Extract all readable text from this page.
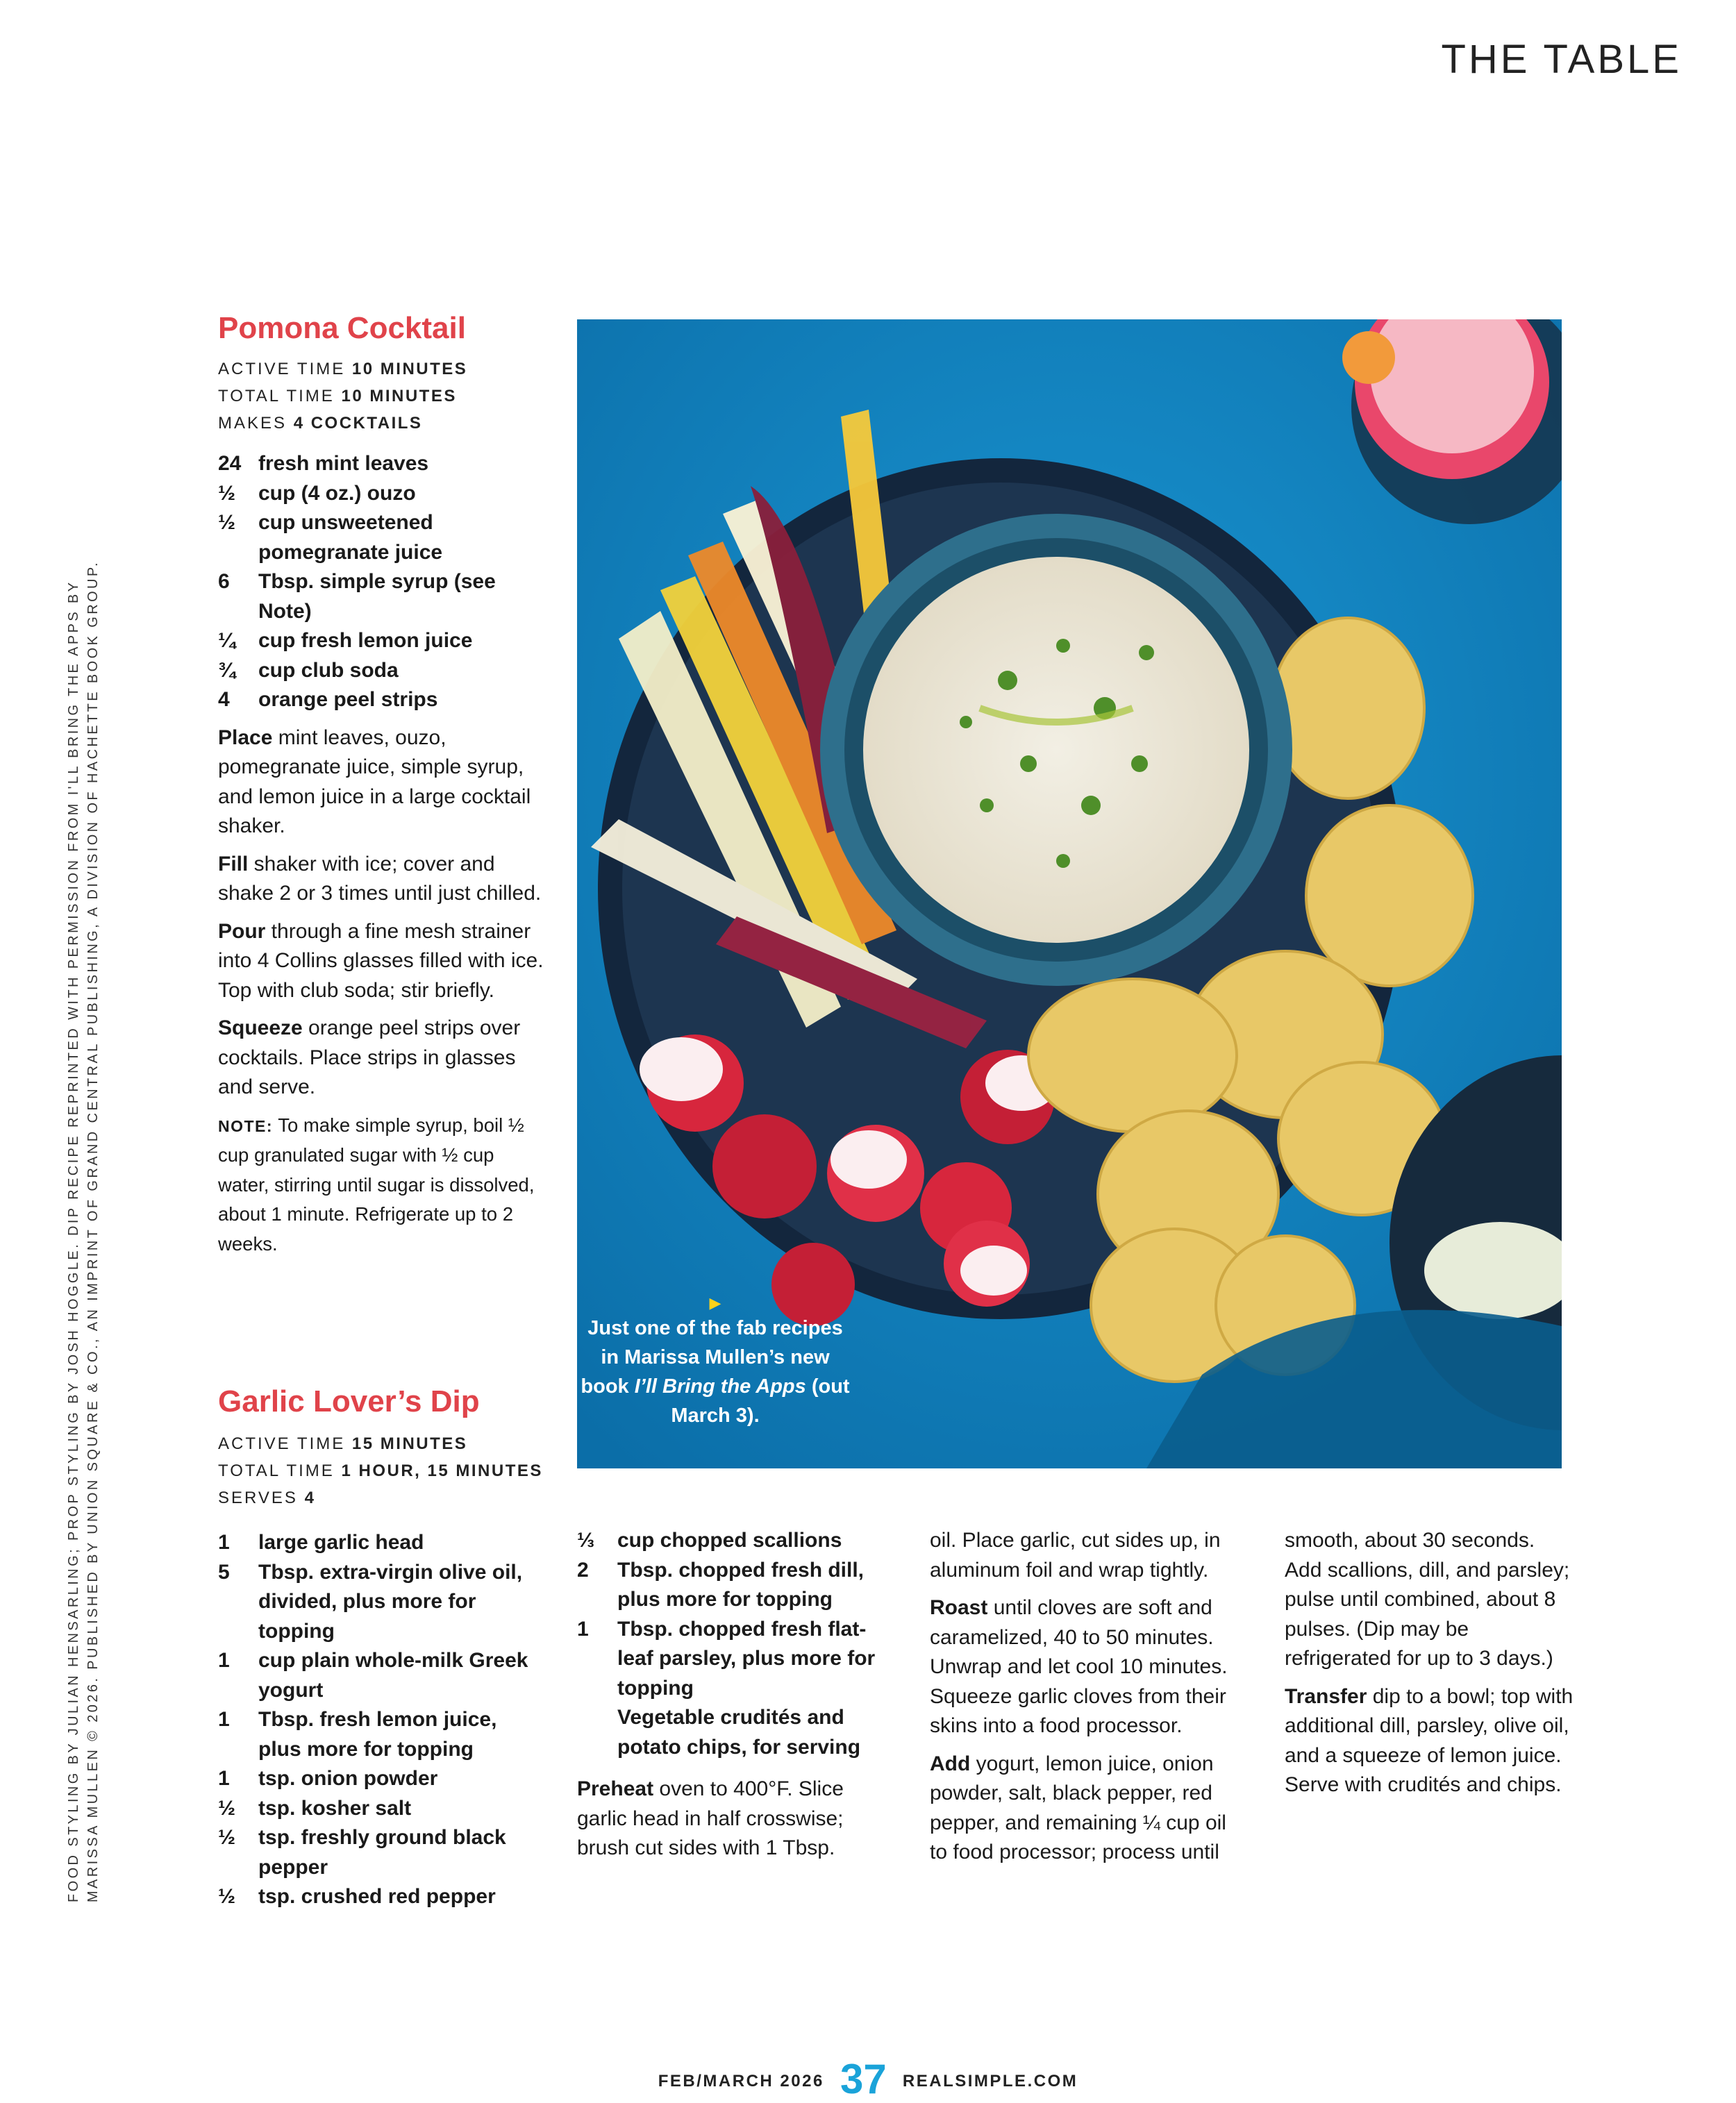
THE TABLE
FOOD STYLING BY JULIAN HENSARLING; PROP STYLING BY JOSH HOGGLE. DIP RECIPE REPRINTED WITH PERMISSION FROM I'LL BRING THE APPS BY MARISSA MULLEN © 2026. PUBLISHED BY UNION SQUARE & CO., AN IMPRINT OF GRAND CENTRAL PUBLISHING, A DIVISION OF HACHETTE BOOK GROUP.
Pomona Cocktail
ACTIVE TIME 10 MINUTES
TOTAL TIME 10 MINUTES
MAKES 4 COCKTAILS
24 fresh mint leaves
½	cup (4 oz.) ouzo
½	cup unsweetened pomegranate juice
6	Tbsp. simple syrup (see Note)
¼	cup fresh lemon juice
¾	cup club soda
4	orange peel strips

Place mint leaves, ouzo, pomegranate juice, simple syrup, and lemon juice in a large cocktail shaker.

Fill shaker with ice; cover and shake 2 or 3 times until just chilled.

Pour through a fine mesh strainer into 4 Collins glasses filled with ice. Top with club soda; stir briefly.

Squeeze orange peel strips over cocktails. Place strips in glasses and serve.

NOTE: To make simple syrup, boil ½ cup granulated sugar with ½ cup water, stirring until sugar is dissolved, about 1 minute. Refrigerate up to 2 weeks.

Garlic Lover’s Dip
ACTIVE TIME 15 MINUTES
TOTAL TIME 1 HOUR, 15 MINUTES
SERVES 4
1	large garlic head
5	Tbsp. extra-virgin olive oil, divided, plus more for topping
1	cup plain whole-milk Greek yogurt
1	Tbsp. fresh lemon juice, plus more for topping
1	tsp. onion powder
½	tsp. kosher salt
½	tsp. freshly ground black pepper
½	tsp. crushed red pepper
⅓	cup chopped scallions
2	Tbsp. chopped fresh dill, plus more for topping
1	Tbsp. chopped fresh flat-leaf parsley, plus more for topping
Vegetable crudités and potato chips, for serving

Preheat oven to 400°F. Slice garlic head in half crosswise; brush cut sides with 1 Tbsp.

oil. Place garlic, cut sides up, in aluminum foil and wrap tightly.

Roast until cloves are soft and caramelized, 40 to 50 minutes. Unwrap and let cool 10 minutes. Squeeze garlic cloves from their skins into a food processor.

Add yogurt, lemon juice, onion powder, salt, black pepper, red pepper, and remaining ¼ cup oil to food processor; process until

smooth, about 30 seconds. Add scallions, dill, and parsley; pulse until combined, about 8 pulses. (Dip may be refrigerated for up to 3 days.)

Transfer dip to a bowl; top with additional dill, parsley, olive oil, and a squeeze of lemon juice. Serve with crudités and chips.

▶
Just one of the fab recipes in Marissa Mullen’s new book I’ll Bring the Apps (out March 3).
FEB/MARCH 2026 37 REALSIMPLE.COM
